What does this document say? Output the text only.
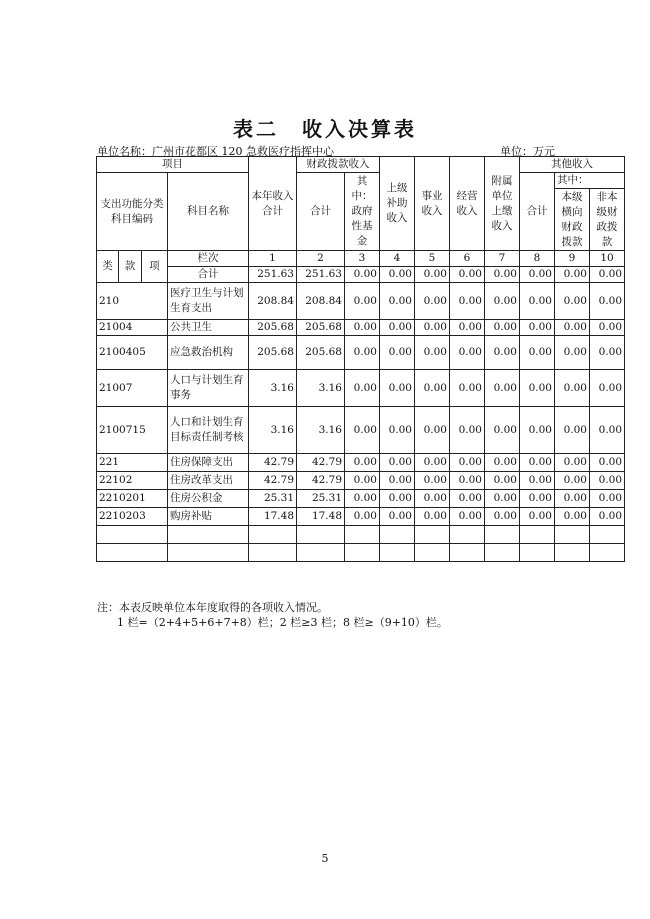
表二　收入决算表
单位名称：广州市花都区 120 急救医疗指挥中心	单位：万元
项目				本年收入合计	财政拨款收入		上级补助收入	事业收入	经营收入	附属单位上缴收入	其他收入		
支出功能分类科目编码			科目名称		合计	其中：政府性基金					合计	其中：	
												本级横向财政拨款	非本级财政拨款

类	款	项	栏次	1	2	3	4	5	6	7	8	9	10
			合计	251.63	251.63	0.00	0.00	0.00	0.00	0.00	0.00	0.00	0.00
210			医疗卫生与计划生育支出	208.84	208.84	0.00	0.00	0.00	0.00	0.00	0.00	0.00	0.00
21004			公共卫生	205.68	205.68	0.00	0.00	0.00	0.00	0.00	0.00	0.00	0.00
2100405			应急救治机构	205.68	205.68	0.00	0.00	0.00	0.00	0.00	0.00	0.00	0.00
21007			人口与计划生育事务	3.16	3.16	0.00	0.00	0.00	0.00	0.00	0.00	0.00	0.00
2100715			人口和计划生育目标责任制考核	3.16	3.16	0.00	0.00	0.00	0.00	0.00	0.00	0.00	0.00
221			住房保障支出	42.79	42.79	0.00	0.00	0.00	0.00	0.00	0.00	0.00	0.00
22102			住房改革支出	42.79	42.79	0.00	0.00	0.00	0.00	0.00	0.00	0.00	0.00
2210201			住房公积金	25.31	25.31	0.00	0.00	0.00	0.00	0.00	0.00	0.00	0.00
2210203			购房补贴	17.48	17.48	0.00	0.00	0.00	0.00	0.00	0.00	0.00	0.00

注：本表反映单位本年度取得的各项收入情况。
1 栏=（2+4+5+6+7+8）栏；2 栏≥3 栏；8 栏≥（9+10）栏。
5
